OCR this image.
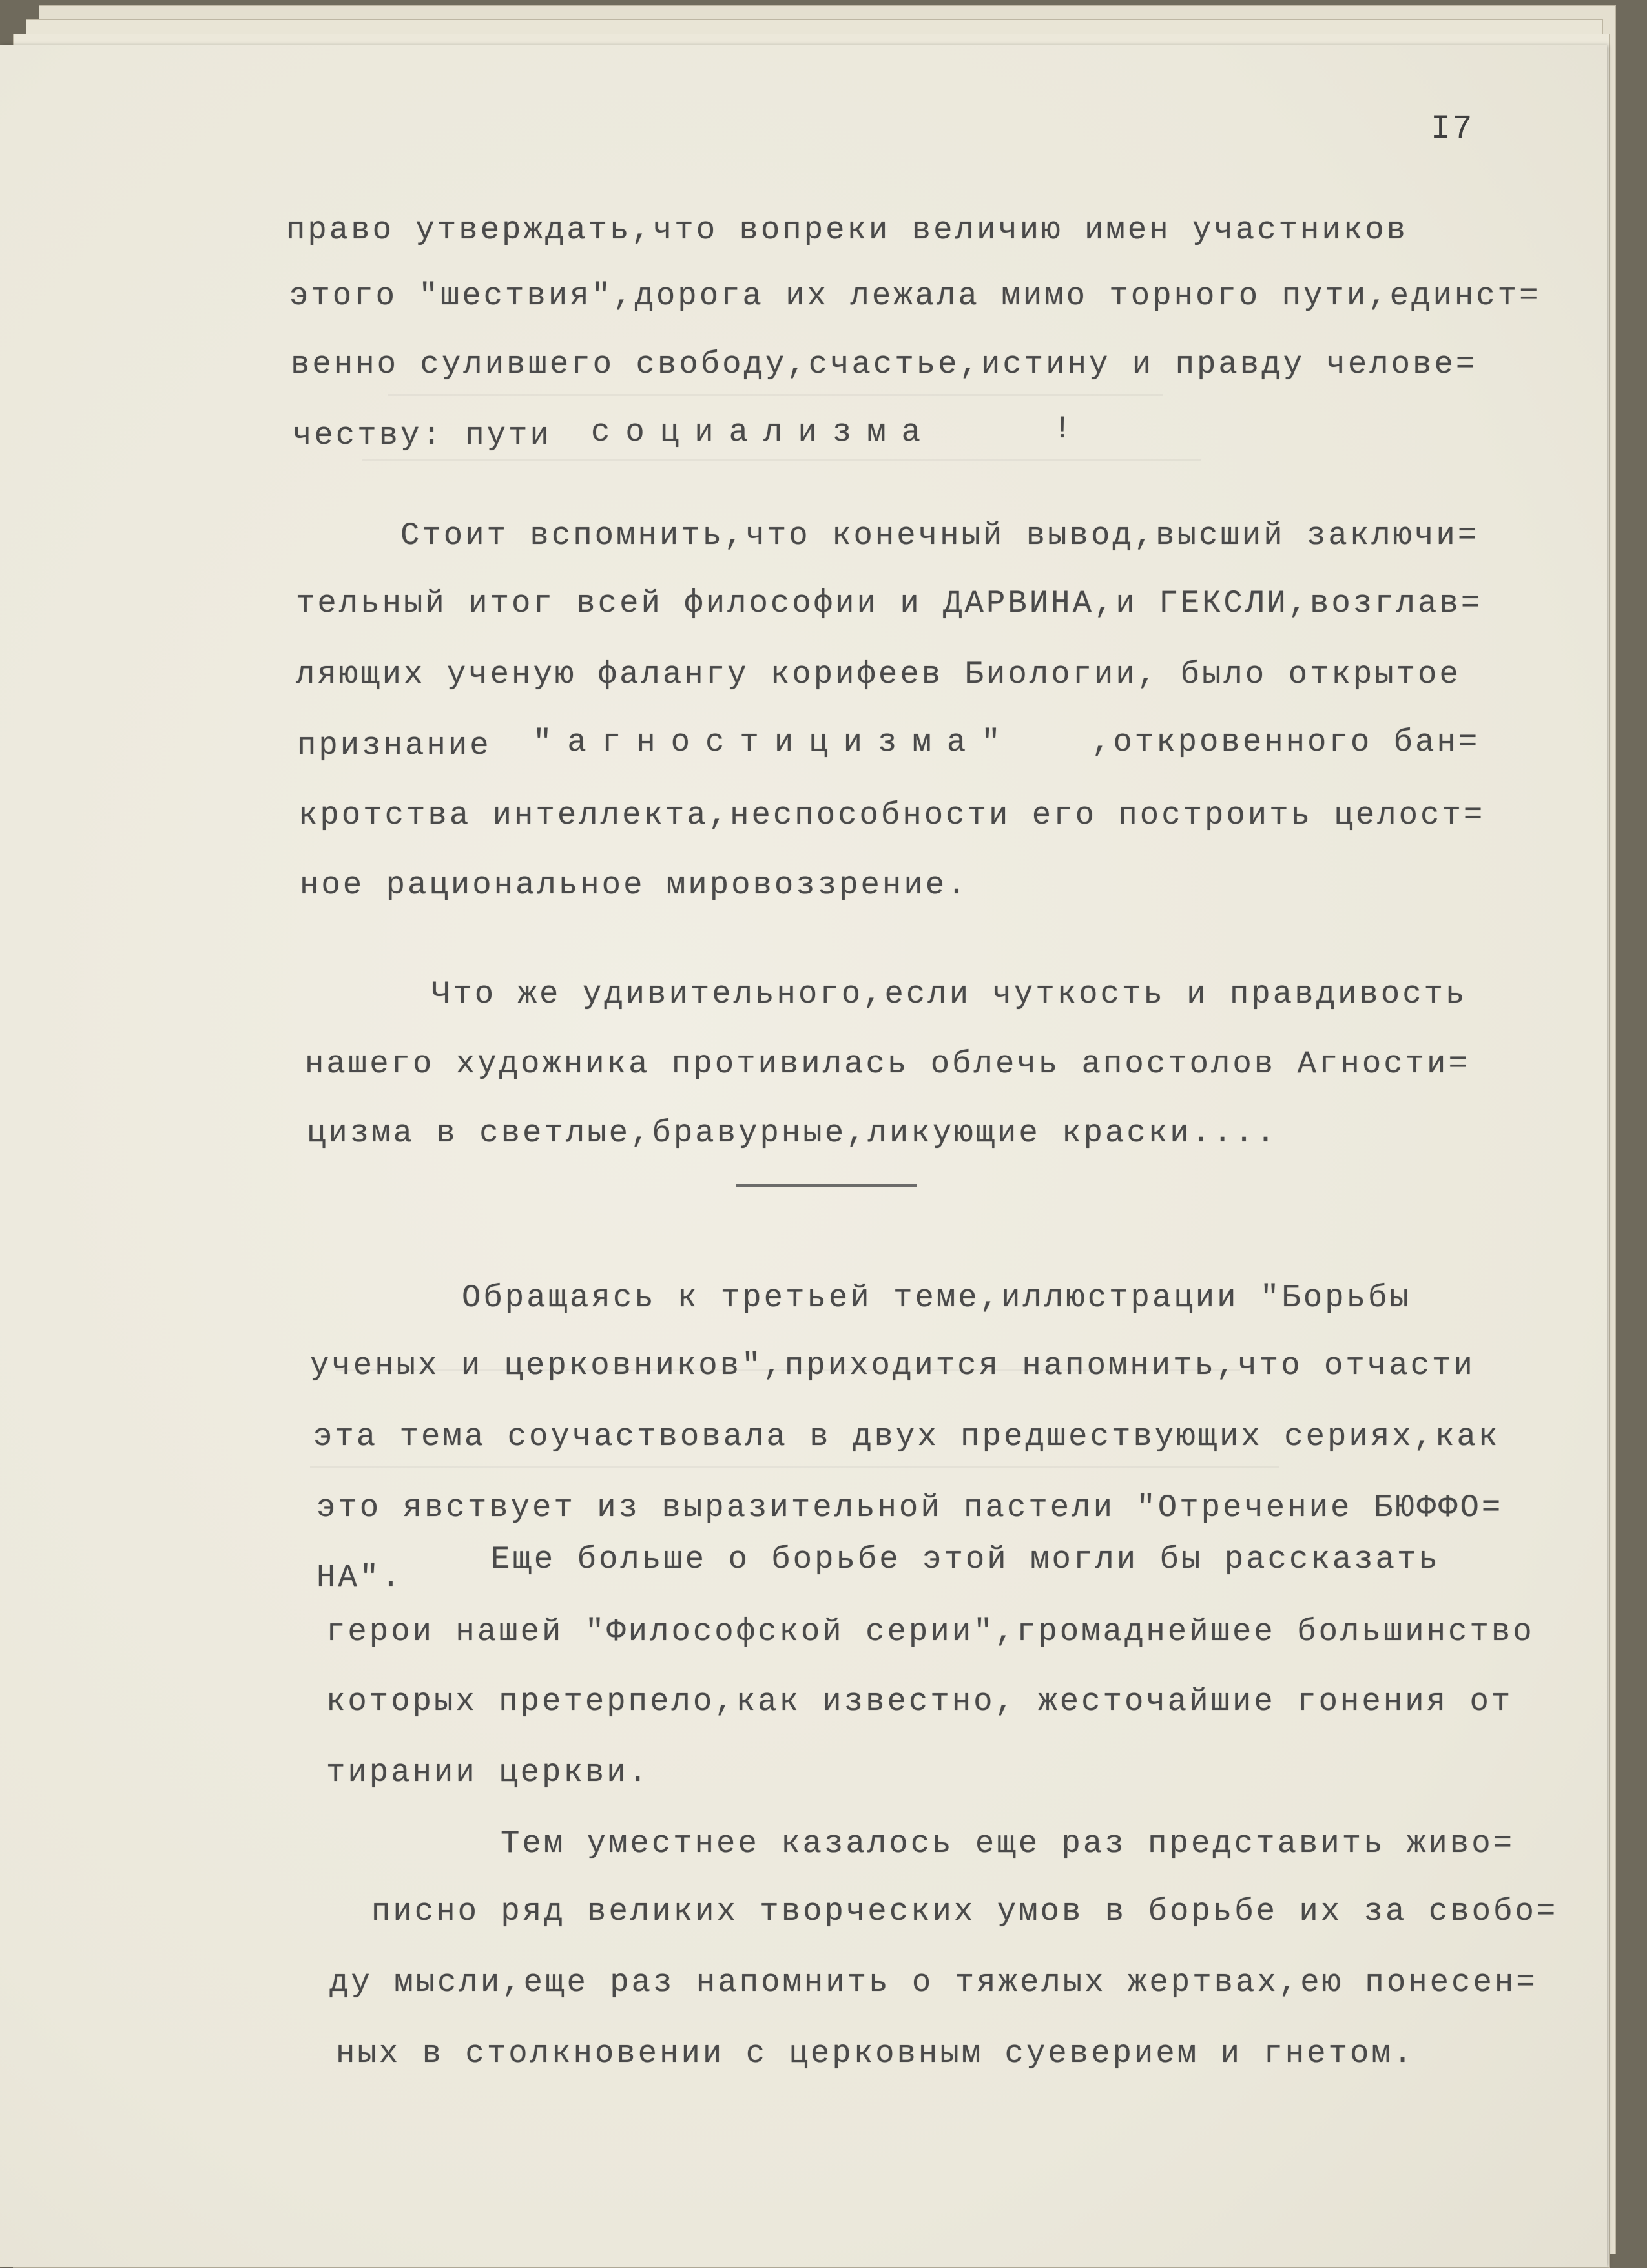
I7
право утверждать,что вопреки величию имен участников
этого "шествия",дорога их лежала мимо торного пути,единст=
венно сулившего свободу,счастье,истину и правду челове=
честву: пути социализма	!
Стоит вспомнить,что конечный вывод,высший заключи=
тельный итог всей философии и ДАРВИНА,и ГЕКСЛИ,возглав=
ляющих ученую фалангу корифеев Биологии, было открытое
признание "агностицизма" ,откровенного бан=
кротства интеллекта,неспособности его построить целост=
ное рациональное мировоззрение.
Что же удивительного,если чуткость и правдивость
нашего художника противилась облечь апостолов Агности=
цизма в светлые,бравурные,ликующие краски....
Обращаясь к третьей теме,иллюстрации "Борьбы
ученых и церковников",приходится напомнить,что отчасти
эта тема соучаствовала в двух предшествующих сериях,как
это явствует из выразительной пастели "Отречение БЮФФО=
НА".	Еще больше о борьбе этой могли бы рассказать
герои нашей "Философской серии",громаднейшее большинство
которых претерпело,как известно, жесточайшие гонения от
тирании церкви.
Тем уместнее казалось еще раз представить живо=
писно ряд великих творческих умов в борьбе их за свобо=
ду мысли,еще раз напомнить о тяжелых жертвах,ею понесен=
ных в столкновении с церковным суеверием и гнетом.
